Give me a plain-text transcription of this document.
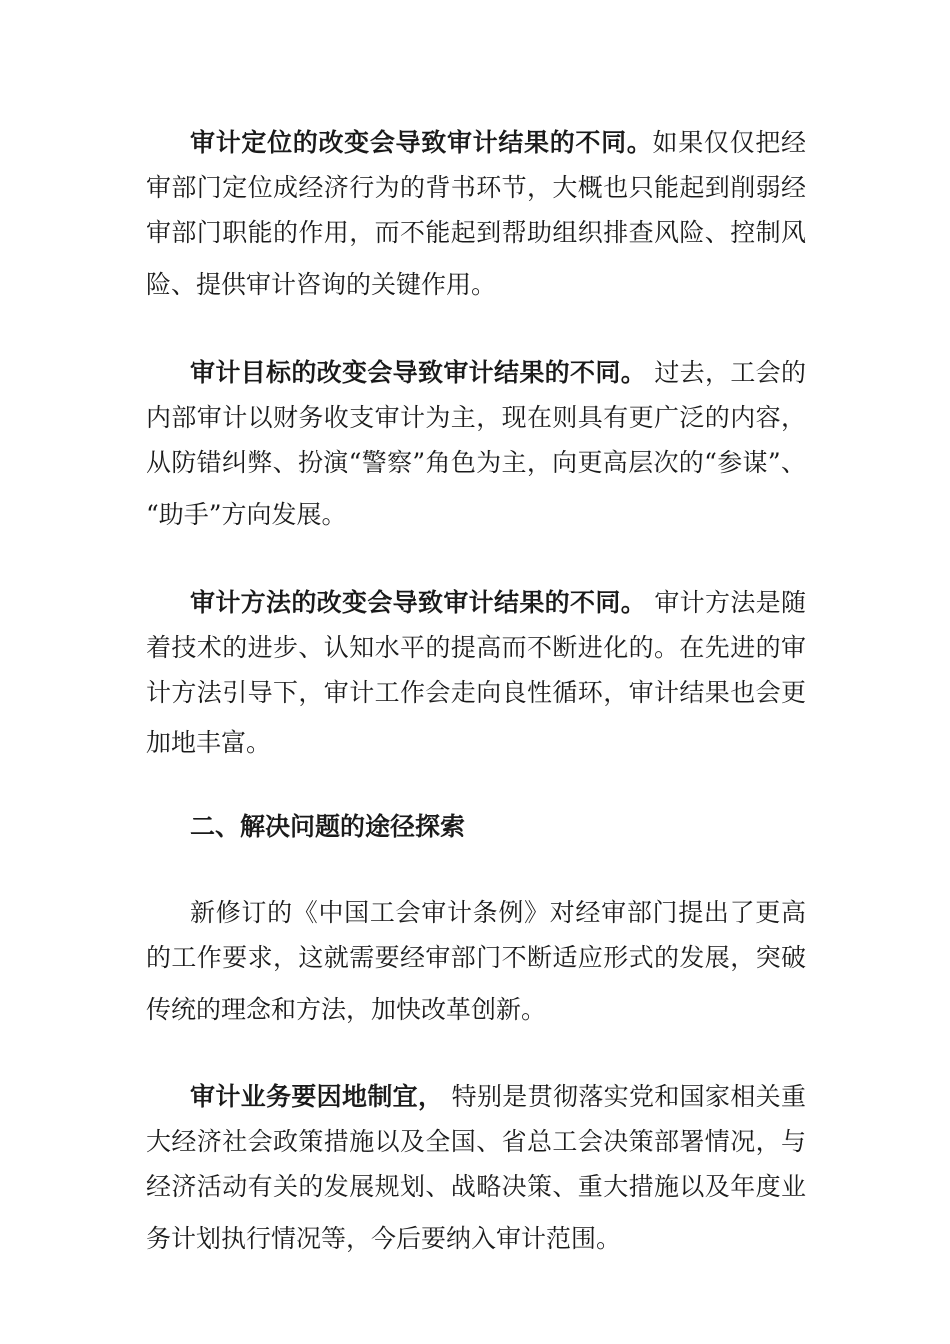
审计定位的改变会导致审计结果的不同。如果仅仅把经
审部门定位成经济行为的背书环节，大概也只能起到削弱经
审部门职能的作用，而不能起到帮助组织排查风险、控制风
险、提供审计咨询的关键作用。
审计目标的改变会导致审计结果的不同。 过去，工会的
内部审计以财务收支审计为主，现在则具有更广泛的内容，
从防错纠弊、扮演“警察”角色为主，向更高层次的“参谋”、
“助手”方向发展。
审计方法的改变会导致审计结果的不同。 审计方法是随
着技术的进步、认知水平的提高而不断进化的。在先进的审
计方法引导下，审计工作会走向良性循环，审计结果也会更
加地丰富。
二、解决问题的途径探索
新修订的《中国工会审计条例》对经审部门提出了更高
的工作要求，这就需要经审部门不断适应形式的发展，突破
传统的理念和方法，加快改革创新。
审计业务要因地制宜， 特别是贯彻落实党和国家相关重
大经济社会政策措施以及全国、省总工会决策部署情况，与
经济活动有关的发展规划、战略决策、重大措施以及年度业
务计划执行情况等，今后要纳入审计范围。
